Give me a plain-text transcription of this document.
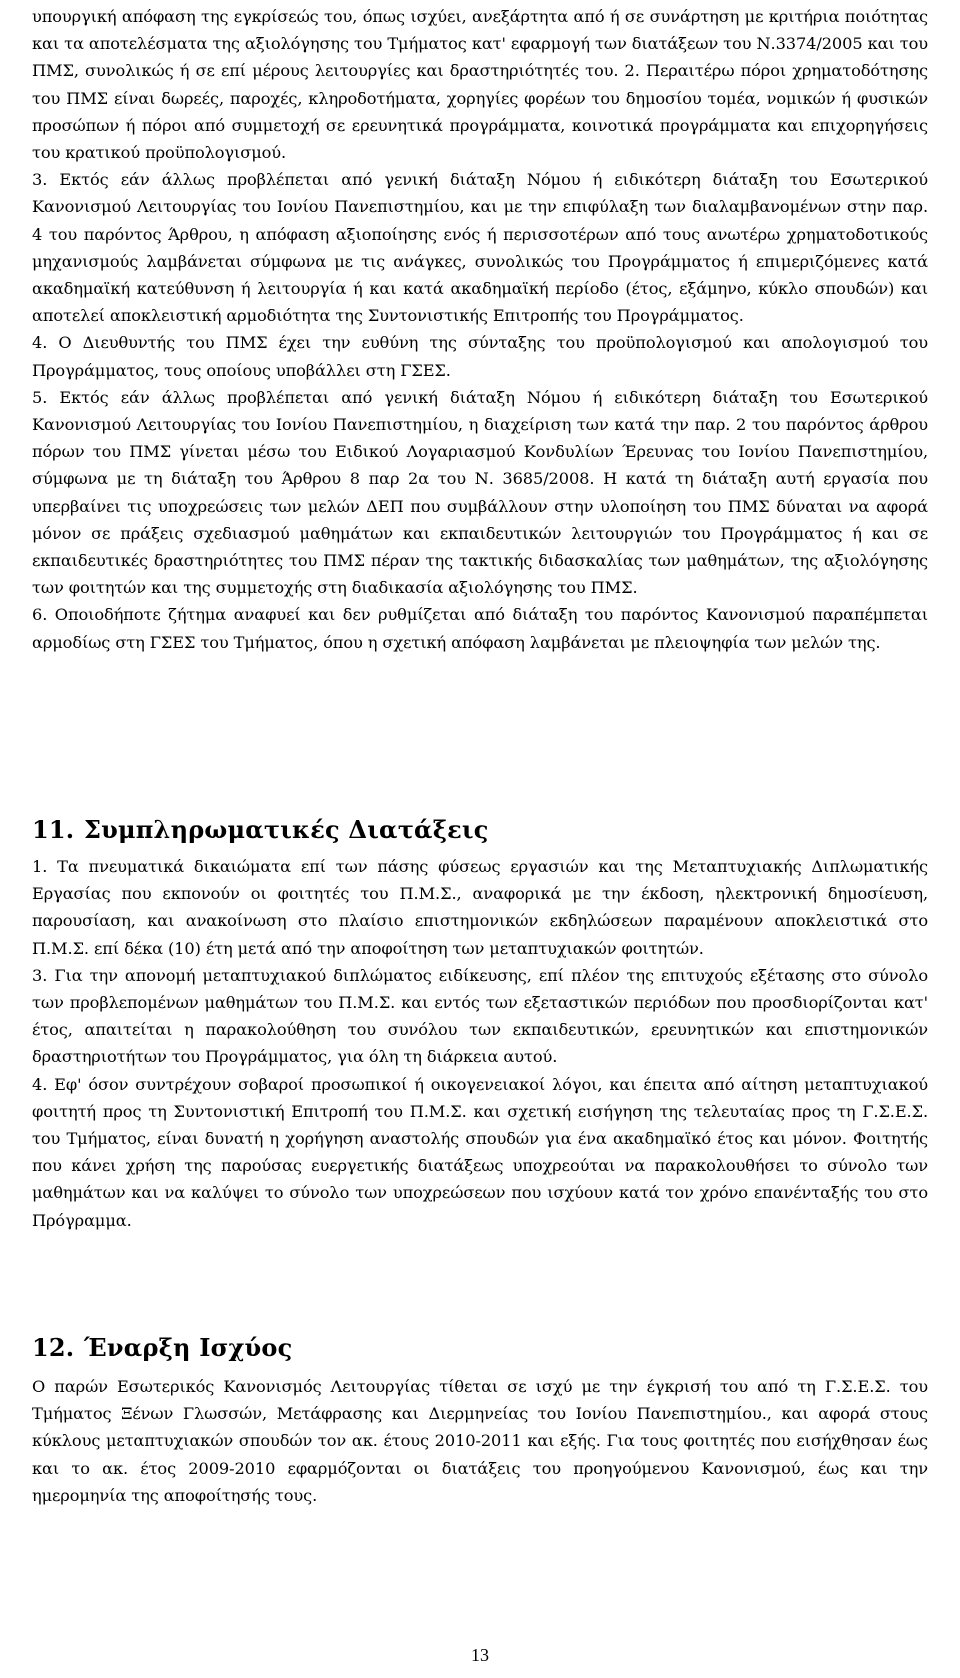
υπουργική απόφαση της εγκρίσεώς του, όπως ισχύει, ανεξάρτητα από ή σε συνάρτηση με κριτήρια ποιότητας και τα αποτελέσματα της αξιολόγησης του Τμήματος κατ' εφαρμογή των διατάξεων του Ν.3374/2005 και του ΠΜΣ, συνολικώς ή σε επί μέρους λειτουργίες και δραστηριότητές του. 2. Περαιτέρω πόροι χρηματοδότησης του ΠΜΣ είναι δωρεές, παροχές, κληροδοτήματα, χορηγίες φορέων του δημοσίου τομέα, νομικών ή φυσικών προσώπων ή πόροι από συμμετοχή σε ερευνητικά προγράμματα, κοινοτικά προγράμματα και επιχορηγήσεις του κρατικού προϋπολογισμού.

3. Εκτός εάν άλλως προβλέπεται από γενική διάταξη Νόμου ή ειδικότερη διάταξη του Εσωτερικού Κανονισμού Λειτουργίας του Ιονίου Πανεπιστημίου, και με την επιφύλαξη των διαλαμβανομένων στην παρ. 4 του παρόντος Άρθρου, η απόφαση αξιοποίησης ενός ή περισσοτέρων από τους ανωτέρω χρηματοδοτικούς μηχανισμούς λαμβάνεται σύμφωνα με τις ανάγκες, συνολικώς του Προγράμματος ή επιμεριζόμενες κατά ακαδημαϊκή κατεύθυνση ή λειτουργία ή και κατά ακαδημαϊκή περίοδο (έτος, εξάμηνο, κύκλο σπουδών) και αποτελεί αποκλειστική αρμοδιότητα της Συντονιστικής Επιτροπής του Προγράμματος.

4. Ο Διευθυντής του ΠΜΣ έχει την ευθύνη της σύνταξης του προϋπολογισμού και απολογισμού του Προγράμματος, τους οποίους υποβάλλει στη ΓΣΕΣ.

5. Εκτός εάν άλλως προβλέπεται από γενική διάταξη Νόμου ή ειδικότερη διάταξη του Εσωτερικού Κανονισμού Λειτουργίας του Ιονίου Πανεπιστημίου, η διαχείριση των κατά την παρ. 2 του παρόντος άρθρου πόρων του ΠΜΣ γίνεται μέσω του Ειδικού Λογαριασμού Κονδυλίων Έρευνας του Ιονίου Πανεπιστημίου, σύμφωνα με τη διάταξη του Άρθρου 8 παρ 2α του Ν. 3685/2008. Η κατά τη διάταξη αυτή εργασία που υπερβαίνει τις υποχρεώσεις των μελών ΔΕΠ που συμβάλλουν στην υλοποίηση του ΠΜΣ δύναται να αφορά μόνον σε πράξεις σχεδιασμού μαθημάτων και εκπαιδευτικών λειτουργιών του Προγράμματος ή και σε εκπαιδευτικές δραστηριότητες του ΠΜΣ πέραν της τακτικής διδασκαλίας των μαθημάτων, της αξιολόγησης των φοιτητών και της συμμετοχής στη διαδικασία αξιολόγησης του ΠΜΣ.

6. Οποιοδήποτε ζήτημα αναφυεί και δεν ρυθμίζεται από διάταξη του παρόντος Κανονισμού παραπέμπεται αρμοδίως στη ΓΣΕΣ του Τμήματος, όπου η σχετική απόφαση λαμβάνεται με πλειοψηφία των μελών της.

11. Συμπληρωματικές Διατάξεις

1. Τα πνευματικά δικαιώματα επί των πάσης φύσεως εργασιών και της Μεταπτυχιακής Διπλωματικής Εργασίας που εκπονούν οι φοιτητές του Π.Μ.Σ., αναφορικά με την έκδοση, ηλεκτρονική δημοσίευση, παρουσίαση, και ανακοίνωση στο πλαίσιο επιστημονικών εκδηλώσεων παραμένουν αποκλειστικά στο Π.Μ.Σ. επί δέκα (10) έτη μετά από την αποφοίτηση των μεταπτυχιακών φοιτητών.

3. Για την απονομή μεταπτυχιακού διπλώματος ειδίκευσης, επί πλέον της επιτυχούς εξέτασης στο σύνολο των προβλεπομένων μαθημάτων του Π.Μ.Σ. και εντός των εξεταστικών περιόδων που προσδιορίζονται κατ' έτος, απαιτείται η παρακολούθηση του συνόλου των εκπαιδευτικών, ερευνητικών και επιστημονικών δραστηριοτήτων του Προγράμματος, για όλη τη διάρκεια αυτού.

4. Εφ' όσον συντρέχουν σοβαροί προσωπικοί ή οικογενειακοί λόγοι, και έπειτα από αίτηση μεταπτυχιακού φοιτητή προς τη Συντονιστική Επιτροπή του Π.Μ.Σ. και σχετική εισήγηση της τελευταίας προς τη Γ.Σ.Ε.Σ. του Τμήματος, είναι δυνατή η χορήγηση αναστολής σπουδών για ένα ακαδημαϊκό έτος και μόνον. Φοιτητής που κάνει χρήση της παρούσας ευεργετικής διατάξεως υποχρεούται να παρακολουθήσει το σύνολο των μαθημάτων και να καλύψει το σύνολο των υποχρεώσεων που ισχύουν κατά τον χρόνο επανένταξής του στο Πρόγραμμα.

12. Έναρξη Ισχύος

Ο παρών Εσωτερικός Κανονισμός Λειτουργίας τίθεται σε ισχύ με την έγκρισή του από τη Γ.Σ.Ε.Σ. του Τμήματος Ξένων Γλωσσών, Μετάφρασης και Διερμηνείας του Ιονίου Πανεπιστημίου., και αφορά στους κύκλους μεταπτυχιακών σπουδών τον ακ. έτους 2010-2011 και εξής. Για τους φοιτητές που εισήχθησαν έως και το ακ. έτος 2009-2010 εφαρμόζονται οι διατάξεις του προηγούμενου Κανονισμού, έως και την ημερομηνία της αποφοίτησής τους.

13
